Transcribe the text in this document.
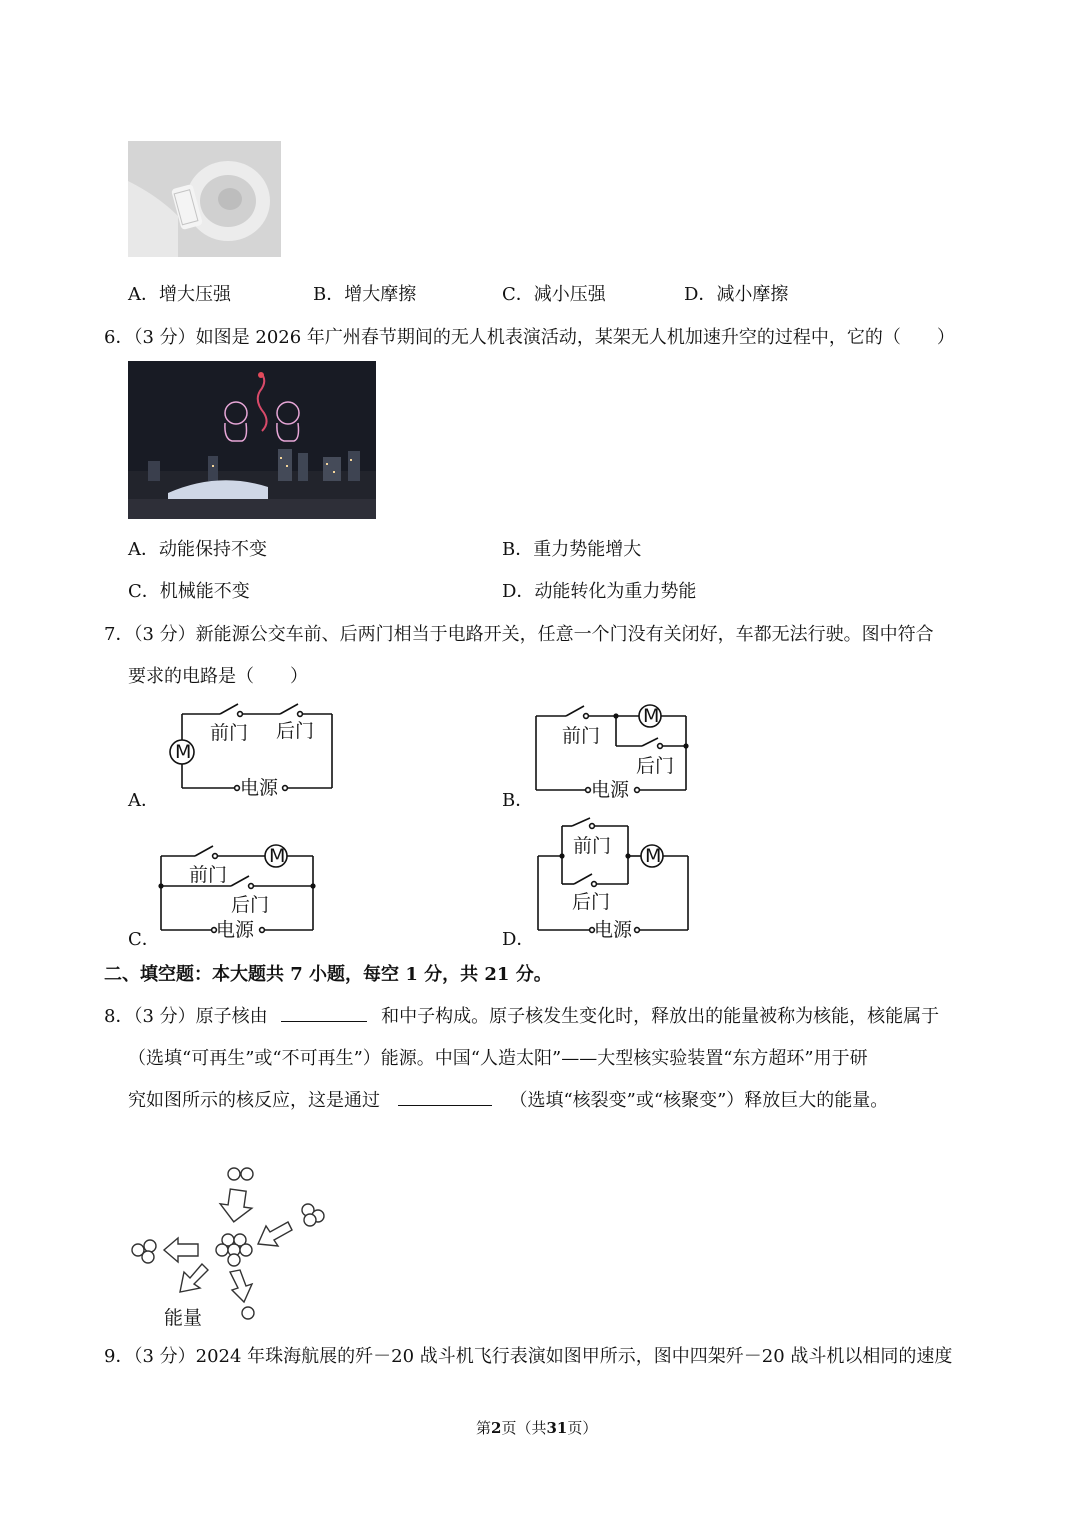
A．增大压强	B．增大摩擦	C．减小压强	D．减小摩擦
6．（3 分）如图是 2026 年广州春节期间的无人机表演活动，某架无人机加速升空的过程中，它的（　　）
A．动能保持不变	B．重力势能增大
C．机械能不变	D．动能转化为重力势能
7．（3 分）新能源公交车前、后两门相当于电路开关，任意一个门没有关闭好，车都无法行驶。图中符合
要求的电路是（　　）
A．
M
前门 后门
电源
B．
M
前门
后门
电源
C．
M
前门
后门
电源	D．
M
前门
后门
电源
二、填空题：本大题共 7 小题，每空 1 分，共 21 分。
8．（3 分）原子核由	和中子构成。原子核发生变化时，释放出的能量被称为核能，核能属于
（选填“可再生”或“不可再生”）能源。中国“人造太阳”——大型核实验装置“东方超环”用于研
究如图所示的核反应，这是通过	（选填“核裂变”或“核聚变”）释放巨大的能量。
能量
9．（3 分）2024 年珠海航展的歼－20 战斗机飞行表演如图甲所示，图中四架歼－20 战斗机以相同的速度
第2页（共31页）
